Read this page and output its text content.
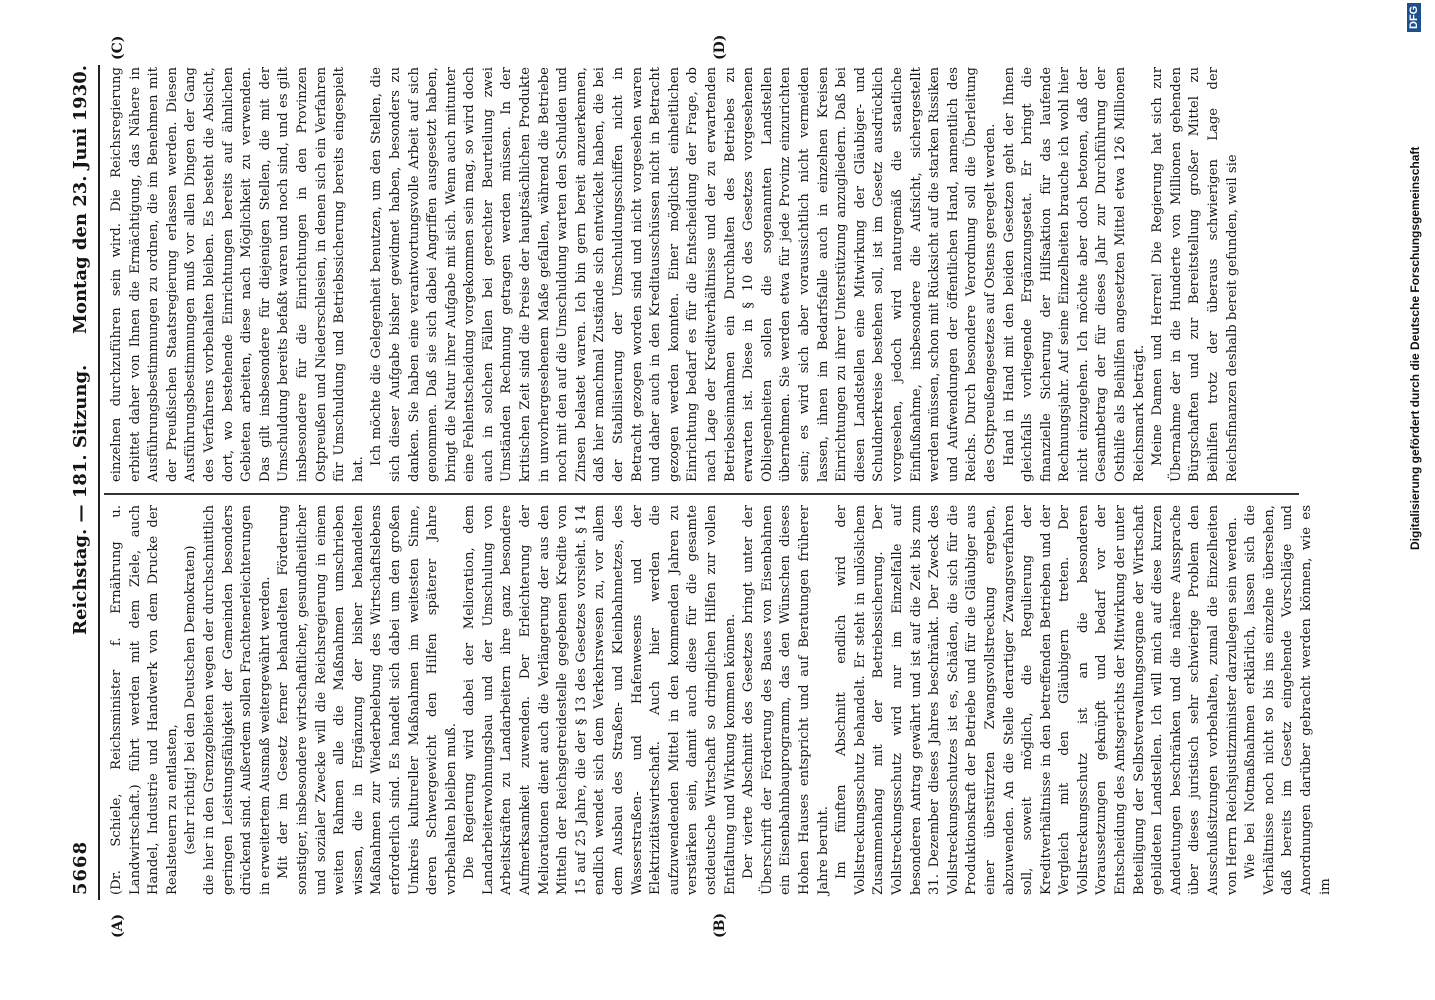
5668
Reichstag. — 181. Sitzung.
Montag den 23. Juni 1930.
(A)	(B)
(C)	(D)

(Dr. Schiele, Reichsminister f. Ernährung u. Landwirtschaft.) führt werden mit dem Ziele, auch Handel, Industrie und Handwerk von dem Drucke der Realsteuern zu entlasten, (sehr richtig! bei den Deutschen Demokraten) die hier in den Grenzgebieten wegen der durchschnittlich geringen Leistungsfähigkeit der Gemeinden besonders drückend sind. Außerdem sollen Frachtenerleichterungen in erweitertem Ausmaß weitergewährt werden. Mit der im Gesetz ferner behandelten Förderung sonstiger, insbesondere wirtschaftlicher, gesundheitlicher und sozialer Zwecke will die Reichsregierung in einem weiten Rahmen alle die Maßnahmen umschrieben wissen, die in Ergänzung der bisher behandelten Maßnahmen zur Wiederbelebung des Wirtschaftslebens erforderlich sind. Es handelt sich dabei um den großen Umkreis kultureller Maßnahmen im weitesten Sinne, deren Schwergewicht den Hilfen späterer Jahre vorbehalten bleiben muß. Die Regierung wird dabei der Melioration, dem Landarbeiterwohnungsbau und der Umschulung von Arbeitskräften zu Landarbeitern ihre ganz besondere Aufmerksamkeit zuwenden. Der Erleichterung der Meliorationen dient auch die Verlängerung der aus den Mitteln der Reichsgetreidestelle gegebenen Kredite von 15 auf 25 Jahre, die der § 13 des Gesetzes vorsieht. § 14 endlich wendet sich dem Verkehrswesen zu, vor allem dem Ausbau des Straßen- und Kleinbahnnetzes, des Wasserstraßen- und Hafenwesens und der Elektrizitätswirtschaft. Auch hier werden die aufzuwendenden Mittel in den kommenden Jahren zu verstärken sein, damit auch diese für die gesamte ostdeutsche Wirtschaft so dringlichen Hilfen zur vollen Entfaltung und Wirkung kommen können. Der vierte Abschnitt des Gesetzes bringt unter der Überschrift der Förderung des Baues von Eisenbahnen ein Eisenbahnbauprogramm, das den Wünschen dieses Hohen Hauses entspricht und auf Beratungen früherer Jahre beruht. Im fünften Abschnitt endlich wird der Vollstreckungsschutz behandelt. Er steht in unlöslichem Zusammenhang mit der Betriebssicherung. Der Vollstreckungsschutz wird nur im Einzelfalle auf besonderen Antrag gewährt und ist auf die Zeit bis zum 31. Dezember dieses Jahres beschränkt. Der Zweck des Vollstreckungsschutzes ist es, Schäden, die sich für die Produktionskraft der Betriebe und für die Gläubiger aus einer überstürzten Zwangsvollstreckung ergeben, abzuwenden. An die Stelle derartiger Zwangsverfahren soll, soweit möglich, die Regulierung der Kreditverhältnisse in den betreffenden Betrieben und der Vergleich mit den Gläubigern treten. Der Vollstreckungsschutz ist an die besonderen Voraussetzungen geknüpft und bedarf vor der Entscheidung des Amtsgerichts der Mitwirkung der unter Beteiligung der Selbstverwaltungsorgane der Wirtschaft gebildeten Landstellen. Ich will mich auf diese kurzen Andeutungen beschränken und die nähere Aussprache über dieses juristisch sehr schwierige Problem den Ausschußsitzungen vorbehalten, zumal die Einzelheiten von Herrn Reichsjustizminister darzulegen sein werden. Wie bei Notmaßnahmen erklärlich, lassen sich die Verhältnisse noch nicht so bis ins einzelne übersehen, daß bereits im Gesetz eingehende Vorschläge und Anordnungen darüber gebracht werden können, wie es im

einzelnen durchzuführen sein wird. Die Reichsregierung erbittet daher von Ihnen die Ermächtigung, das Nähere in Ausführungsbestimmungen zu ordnen, die im Benehmen mit der Preußischen Staatsregierung erlassen werden. Diesen Ausführungsbestimmungen muß vor allen Dingen der Gang des Verfahrens vorbehalten bleiben. Es besteht die Absicht, dort, wo bestehende Einrichtungen bereits auf ähnlichen Gebieten arbeiten, diese nach Möglichkeit zu verwenden. Das gilt insbesondere für diejenigen Stellen, die mit der Umschuldung bereits befaßt waren und noch sind, und es gilt insbesondere für die Einrichtungen in den Provinzen Ostpreußen und Niederschlesien, in denen sich ein Verfahren für Umschuldung und Betriebssicherung bereits eingespielt hat.

Ich möchte die Gelegenheit benutzen, um den Stellen, die sich dieser Aufgabe bisher gewidmet haben, besonders zu danken. Sie haben eine verantwortungsvolle Arbeit auf sich genommen. Daß sie sich dabei Angriffen ausgesetzt haben, bringt die Natur ihrer Aufgabe mit sich. Wenn auch mitunter eine Fehlentscheidung vorgekommen sein mag, so wird doch auch in solchen Fällen bei gerechter Beurteilung zwei Umständen Rechnung getragen werden müssen. In der kritischen Zeit sind die Preise der hauptsächlichen Produkte in unvorhergesehenem Maße gefallen, während die Betriebe noch mit den auf die Umschuldung warten den Schulden und Zinsen belastet waren. Ich bin gern bereit anzuerkennen, daß hier manchmal Zustände sich entwickelt haben, die bei der Stabilisierung der Umschuldungsschiffen nicht in Betracht gezogen worden sind und nicht vorgesehen waren und daher auch in den Kreditausschüssen nicht in Betracht gezogen werden konnten. Einer möglichst einheitlichen Einrichtung bedarf es für die Entscheidung der Frage, ob nach Lage der Kreditverhältnisse und der zu erwartenden Betriebseinnahmen ein Durchhalten des Betriebes zu erwarten ist. Diese in § 10 des Gesetzes vorgesehenen Obliegenheiten sollen die sogenannten Landstellen übernehmen. Sie werden etwa für jede Provinz einzurichten sein; es wird sich aber voraussichtlich nicht vermeiden lassen, ihnen im Bedarfsfalle auch in einzelnen Kreisen Einrichtungen zu ihrer Unterstützung anzugliedern. Daß bei diesen Landstellen eine Mitwirkung der Gläubiger- und Schuldnerkreise bestehen soll, ist im Gesetz ausdrücklich vorgesehen, jedoch wird naturgemäß die staatliche Einflußnahme, insbesondere die Aufsicht, sichergestellt werden müssen, schon mit Rücksicht auf die starken Rissiken und Aufwendungen der öffentlichen Hand, namentlich des Reichs. Durch besondere Verordnung soll die Überleitung des Ostpreußengesetzes auf Ostens geregelt werden. Hand in Hand mit den beiden Gesetzen geht der Ihnen gleichfalls vorliegende Ergänzungsetat. Er bringt die finanzielle Sicherung der Hilfsaktion für das laufende Rechnungsjahr. Auf seine Einzelheiten brauche ich wohl hier nicht einzugehen. Ich möchte aber doch betonen, daß der Gesamtbetrag der für dieses Jahr zur Durchführung der Osthilfe als Beihilfen angesetzten Mittel etwa 126 Millionen Reichsmark beträgt. Meine Damen und Herren! Die Regierung hat sich zur Übernahme der in die Hunderte von Millionen gehenden Bürgschaften und zur Bereitstellung großer Mittel zu Beihilfen trotz der überaus schwierigen Lage der Reichsfinanzen deshalb bereit gefunden, weil sie	Digitalisierung gefördert durch die Deutsche Forschungsgemeinschaft
DFG
